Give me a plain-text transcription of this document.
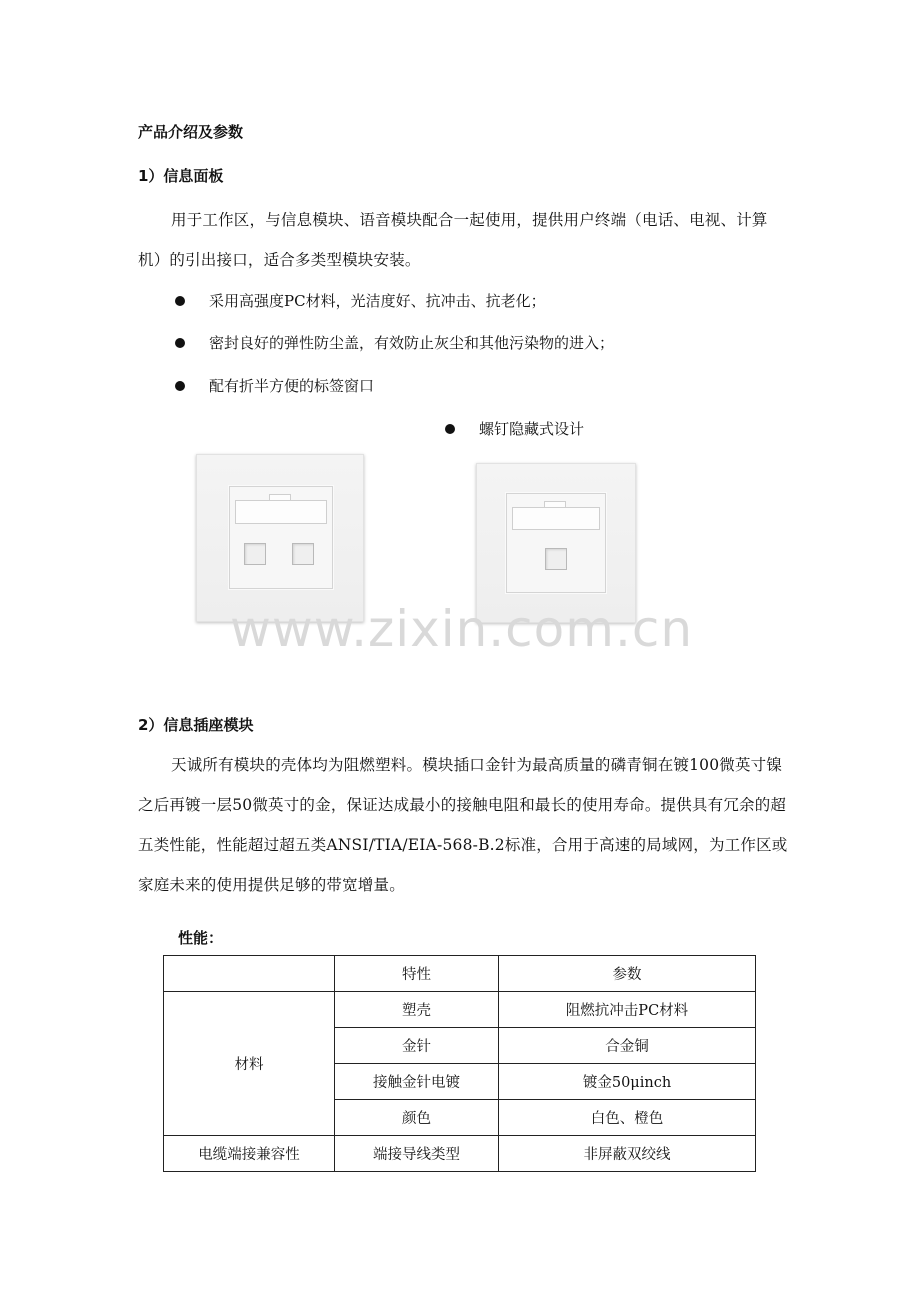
产品介绍及参数
1）信息面板
用于工作区，与信息模块、语音模块配合一起使用，提供用户终端（电话、电视、计算机）的引出接口，适合多类型模块安装。
采用高强度PC材料，光洁度好、抗冲击、抗老化；
密封良好的弹性防尘盖，有效防止灰尘和其他污染物的进入；
配有折半方便的标签窗口
螺钉隐藏式设计
www.zixin.com.cn
2）信息插座模块
天诚所有模块的壳体均为阻燃塑料。模块插口金针为最高质量的磷青铜在镀100微英寸镍之后再镀一层50微英寸的金，保证达成最小的接触电阻和最长的使用寿命。提供具有冗余的超五类性能，性能超过超五类ANSI/TIA/EIA-568-B.2标准，合用于高速的局域网，为工作区或家庭未来的使用提供足够的带宽增量。
性能：
	特性	参数
材料	塑壳	阻燃抗冲击PC材料
	金针	合金铜
	接触金针电镀	镀金50μinch
	颜色	白色、橙色
电缆端接兼容性	端接导线类型	非屏蔽双绞线
